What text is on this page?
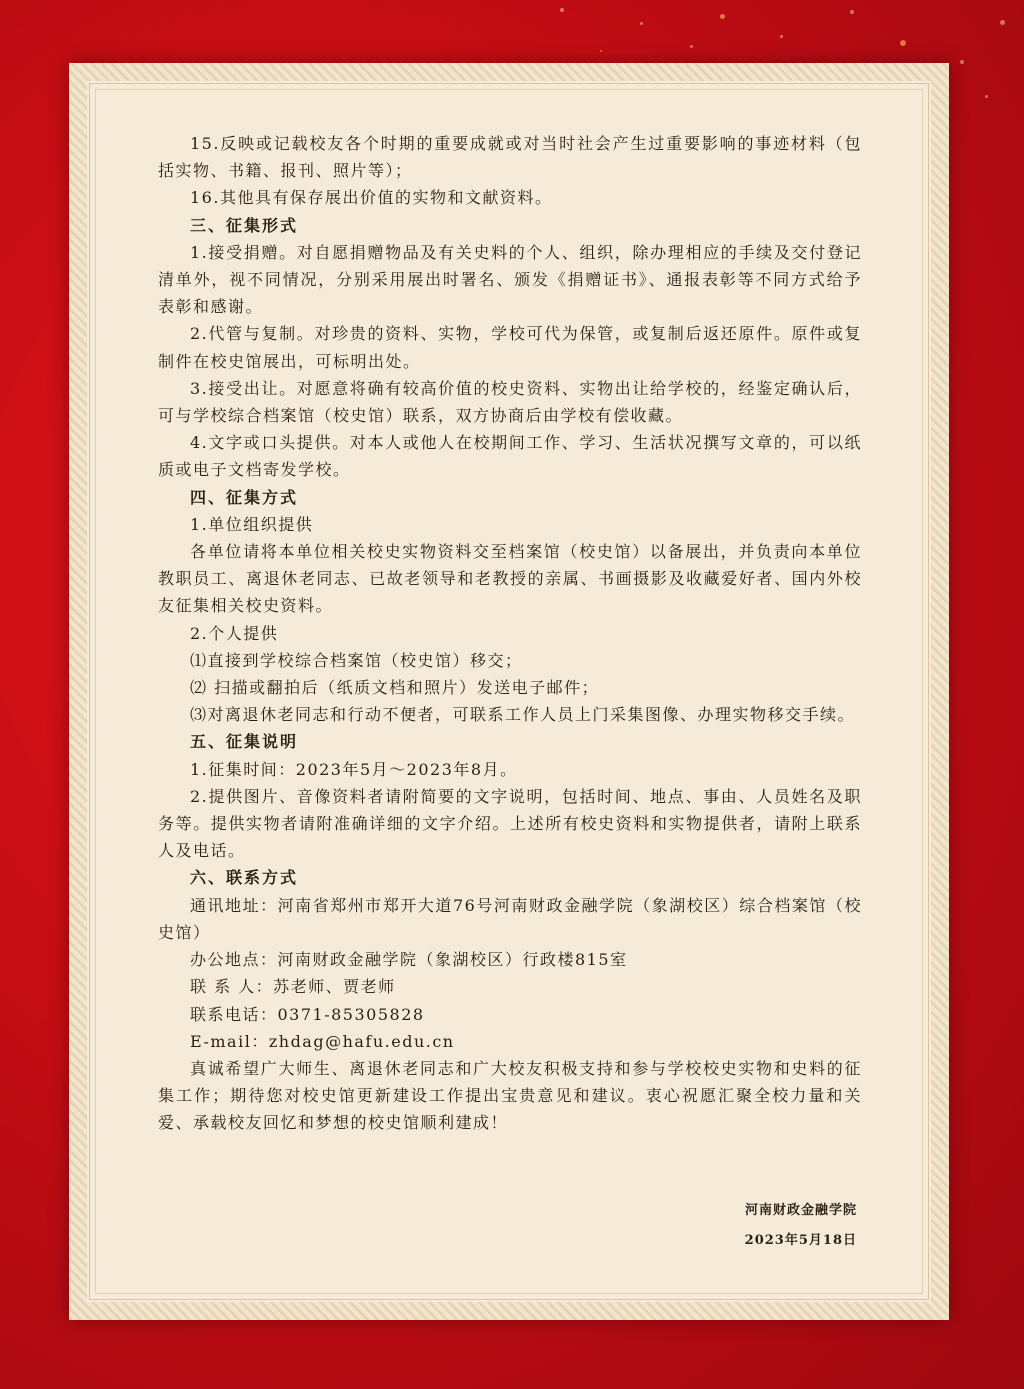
15.反映或记载校友各个时期的重要成就或对当时社会产生过重要影响的事迹材料（包括实物、书籍、报刊、照片等）；

16.其他具有保存展出价值的实物和文献资料。

三、征集形式

1.接受捐赠。对自愿捐赠物品及有关史料的个人、组织，除办理相应的手续及交付登记清单外，视不同情况，分别采用展出时署名、颁发《捐赠证书》、通报表彰等不同方式给予表彰和感谢。

2.代管与复制。对珍贵的资料、实物，学校可代为保管，或复制后返还原件。原件或复制件在校史馆展出，可标明出处。

3.接受出让。对愿意将确有较高价值的校史资料、实物出让给学校的，经鉴定确认后，可与学校综合档案馆（校史馆）联系，双方协商后由学校有偿收藏。

4.文字或口头提供。对本人或他人在校期间工作、学习、生活状况撰写文章的，可以纸质或电子文档寄发学校。

四、征集方式

1.单位组织提供

各单位请将本单位相关校史实物资料交至档案馆（校史馆）以备展出，并负责向本单位教职员工、离退休老同志、已故老领导和老教授的亲属、书画摄影及收藏爱好者、国内外校友征集相关校史资料。

2.个人提供

⑴直接到学校综合档案馆（校史馆）移交；

⑵ 扫描或翻拍后（纸质文档和照片）发送电子邮件；

⑶对离退休老同志和行动不便者，可联系工作人员上门采集图像、办理实物移交手续。

五、征集说明

1.征集时间：2023年5月～2023年8月。

2.提供图片、音像资料者请附简要的文字说明，包括时间、地点、事由、人员姓名及职务等。提供实物者请附准确详细的文字介绍。上述所有校史资料和实物提供者，请附上联系人及电话。

六、联系方式

通讯地址：河南省郑州市郑开大道76号河南财政金融学院（象湖校区）综合档案馆（校史馆）

办公地点：河南财政金融学院（象湖校区）行政楼815室

联 系 人：苏老师、贾老师

联系电话：0371-85305828

E-mail：zhdag@hafu.edu.cn

真诚希望广大师生、离退休老同志和广大校友积极支持和参与学校校史实物和史料的征集工作；期待您对校史馆更新建设工作提出宝贵意见和建议。衷心祝愿汇聚全校力量和关爱、承载校友回忆和梦想的校史馆顺利建成！

河南财政金融学院
2023年5月18日
